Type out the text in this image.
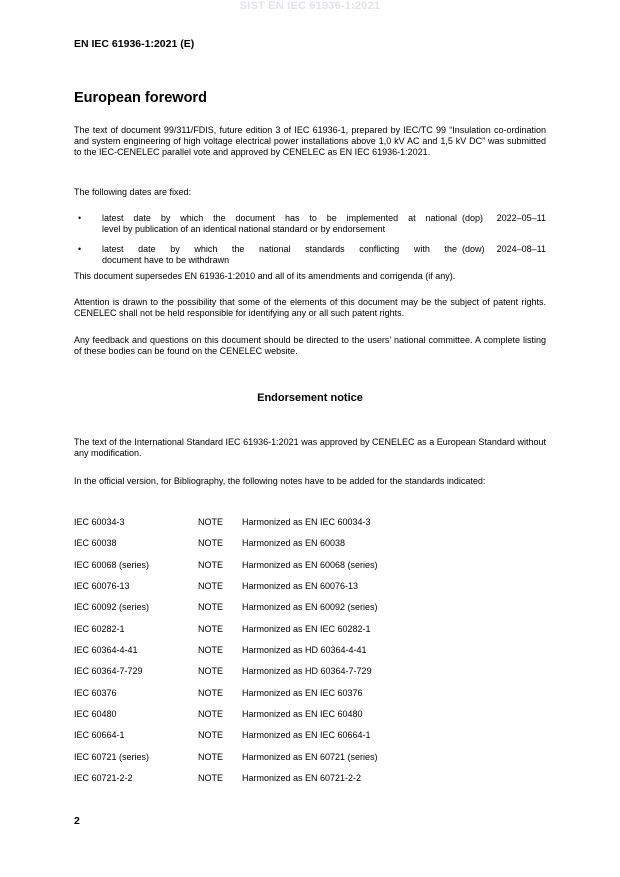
SIST EN IEC 61936-1:2021
EN IEC 61936-1:2021 (E)
European foreword
The text of document 99/311/FDIS, future edition 3 of IEC 61936-1, prepared by IEC/TC 99 “Insulation co-ordination and system engineering of high voltage electrical power installations above 1,0 kV AC and 1,5 kV DC” was submitted to the IEC-CENELEC parallel vote and approved by CENELEC as EN IEC 61936-1:2021.
The following dates are fixed:
• latest date by which the document has to be implemented at national (dop) 2022–05–11
level by publication of an identical national standard or by endorsement
• latest date by which the national standards conflicting with the (dow) 2024–08–11
document have to be withdrawn
This document supersedes EN 61936-1:2010 and all of its amendments and corrigenda (if any).
Attention is drawn to the possibility that some of the elements of this document may be the subject of patent rights. CENELEC shall not be held responsible for identifying any or all such patent rights.
Any feedback and questions on this document should be directed to the users’ national committee. A complete listing of these bodies can be found on the CENELEC website.
Endorsement notice
The text of the International Standard IEC 61936-1:2021 was approved by CENELEC as a European Standard without any modification.
In the official version, for Bibliography, the following notes have to be added for the standards indicated:
IEC 60034-3	NOTE Harmonized as EN IEC 60034-3
IEC 60038	NOTE Harmonized as EN 60038
IEC 60068 (series)	NOTE Harmonized as EN 60068 (series)
IEC 60076-13	NOTE Harmonized as EN 60076-13
IEC 60092 (series)	NOTE Harmonized as EN 60092 (series)
IEC 60282-1	NOTE Harmonized as EN IEC 60282-1
IEC 60364-4-41	NOTE Harmonized as HD 60364-4-41
IEC 60364-7-729	NOTE Harmonized as HD 60364-7-729
IEC 60376	NOTE Harmonized as EN IEC 60376
IEC 60480	NOTE Harmonized as EN IEC 60480
IEC 60664-1	NOTE Harmonized as EN IEC 60664-1
IEC 60721 (series)	NOTE Harmonized as EN 60721 (series)
IEC 60721-2-2	NOTE Harmonized as EN 60721-2-2
2
